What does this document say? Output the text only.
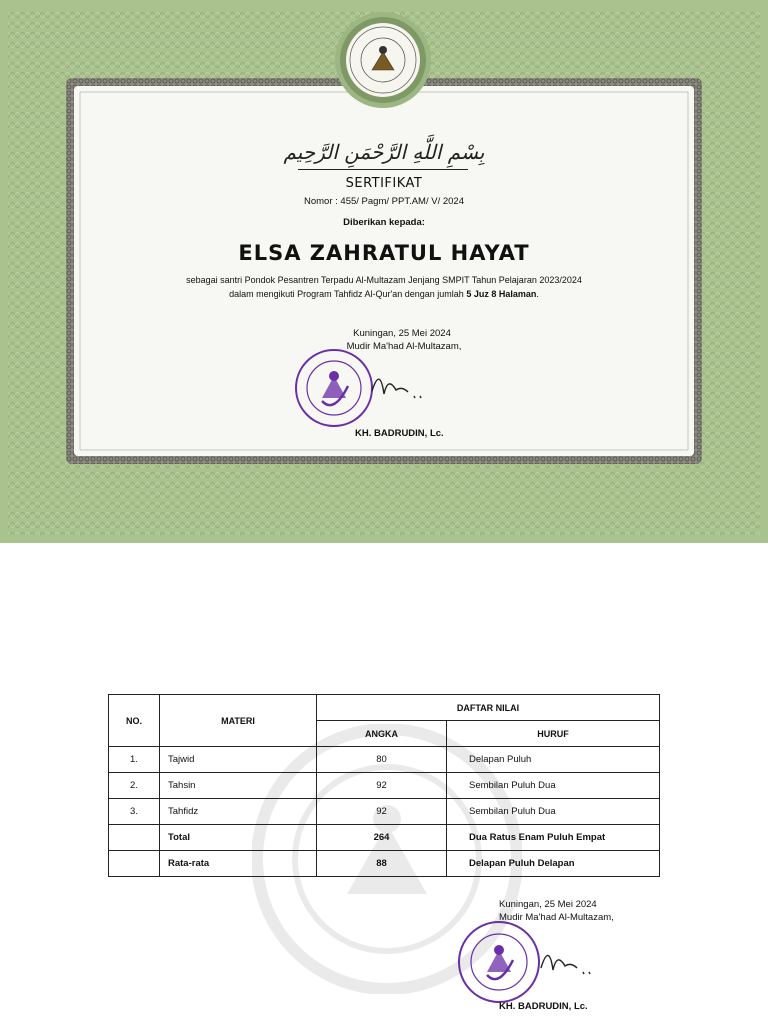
بِسْمِ اللَّهِ الرَّحْمَنِ الرَّحِيم
SERTIFIKAT
Nomor : 455/ Pagm/ PPT.AM/ V/ 2024
Diberikan kepada:
ELSA ZAHRATUL HAYAT
sebagai santri Pondok Pesantren Terpadu Al-Multazam Jenjang SMPIT Tahun Pelajaran 2023/2024
dalam mengikuti Program Tahfidz Al-Qur'an dengan jumlah 5 Juz 8 Halaman.
Kuningan, 25 Mei 2024
Mudir Ma'had Al-Multazam,
KH. BADRUDIN, Lc.
NO.	MATERI	DAFTAR NILAI	
		ANGKA	HURUF
1.	Tajwid	80	Delapan Puluh
2.	Tahsin	92	Sembilan Puluh Dua
3.	Tahfidz	92	Sembilan Puluh Dua
	Total	264	Dua Ratus Enam Puluh Empat
	Rata-rata	88	Delapan Puluh Delapan
Kuningan, 25 Mei 2024
Mudir Ma'had Al-Multazam,
KH. BADRUDIN, Lc.
